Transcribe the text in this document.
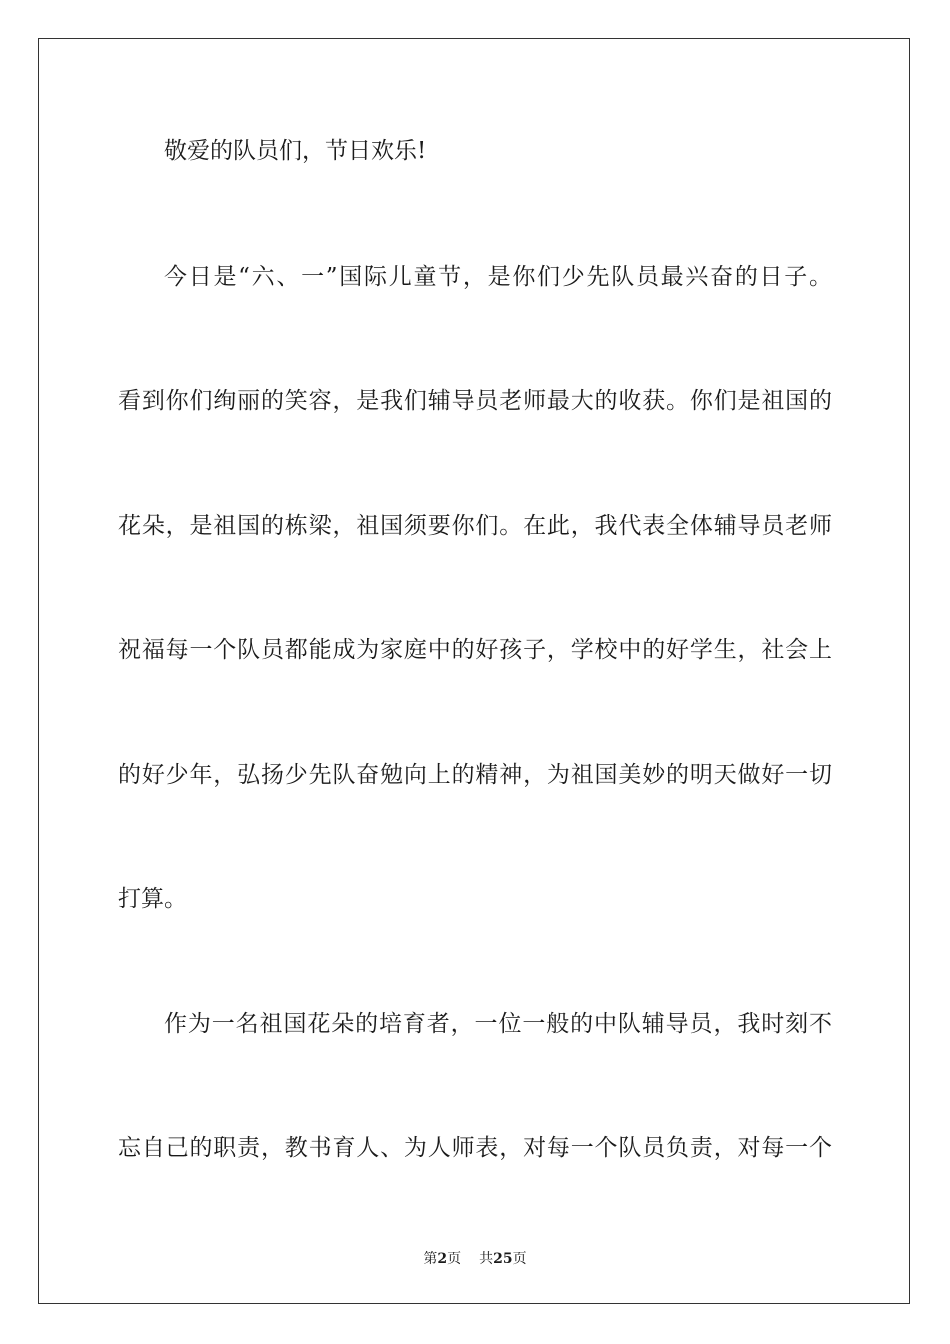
敬爱的队员们，节日欢乐!
今日是“六、一”国际儿童节，是你们少先队员最兴奋的日子。
看到你们绚丽的笑容，是我们辅导员老师最大的收获。你们是祖国的
花朵，是祖国的栋梁，祖国须要你们。在此，我代表全体辅导员老师
祝福每一个队员都能成为家庭中的好孩子，学校中的好学生，社会上
的好少年，弘扬少先队奋勉向上的精神，为祖国美妙的明天做好一切
打算。
作为一名祖国花朵的培育者，一位一般的中队辅导员，我时刻不
忘自己的职责，教书育人、为人师表，对每一个队员负责，对每一个
第2页 共25页
